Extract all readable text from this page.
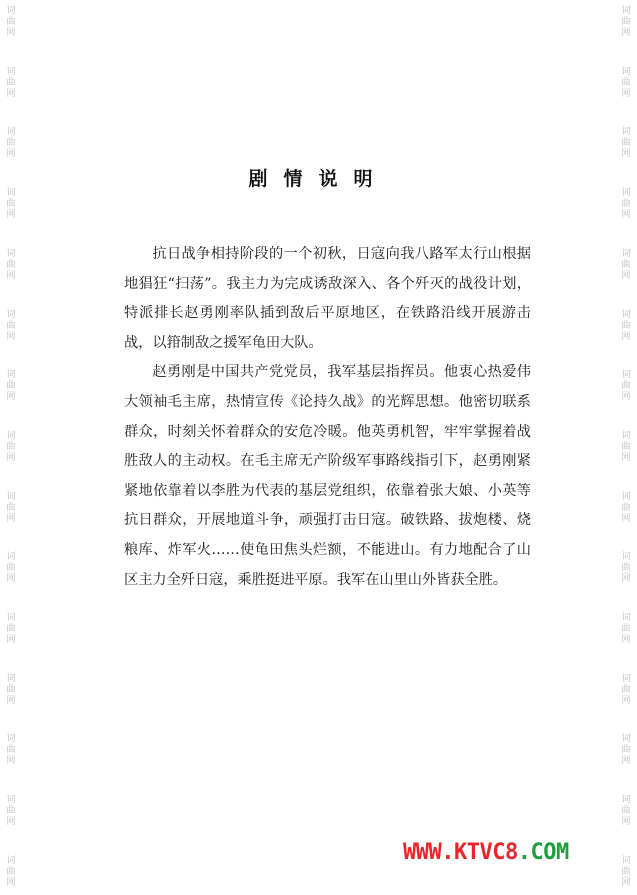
词
曲
网
词
曲
网
词
曲
网
词
曲
网
词
曲
网
词
曲
网
词
曲
网
词
曲
网
词
曲
网
词
曲
网
词
曲
网
词
曲
网
词
曲
网
词
曲
网
词
曲
网
词
曲
网
词
曲
网
词
曲
网
词
曲
网
词
曲
网
词
曲
网
词
曲
网
词
曲
网
词
曲
网
词
曲
网
词
曲
网
词
曲
网
词
曲
网
词
曲
网
词
曲
网
剧情说明

抗日战争相持阶段的一个初秋，日寇向我八路军太行山根据地猖狂“扫荡”。我主力为完成诱敌深入、各个歼灭的战役计划，特派排长赵勇刚率队插到敌后平原地区，在铁路沿线开展游击战，以箝制敌之援军龟田大队。

赵勇刚是中国共产党党员，我军基层指挥员。他衷心热爱伟大领袖毛主席，热情宣传《论持久战》的光辉思想。他密切联系群众，时刻关怀着群众的安危冷暖。他英勇机智，牢牢掌握着战胜敌人的主动权。在毛主席无产阶级军事路线指引下，赵勇刚紧紧地依靠着以李胜为代表的基层党组织，依靠着张大娘、小英等抗日群众，开展地道斗争，顽强打击日寇。破铁路、拔炮楼、烧粮库、炸军火……使龟田焦头烂额，不能进山。有力地配合了山区主力全歼日寇，乘胜挺进平原。我军在山里山外皆获全胜。

WWW.KTVC8.COM
